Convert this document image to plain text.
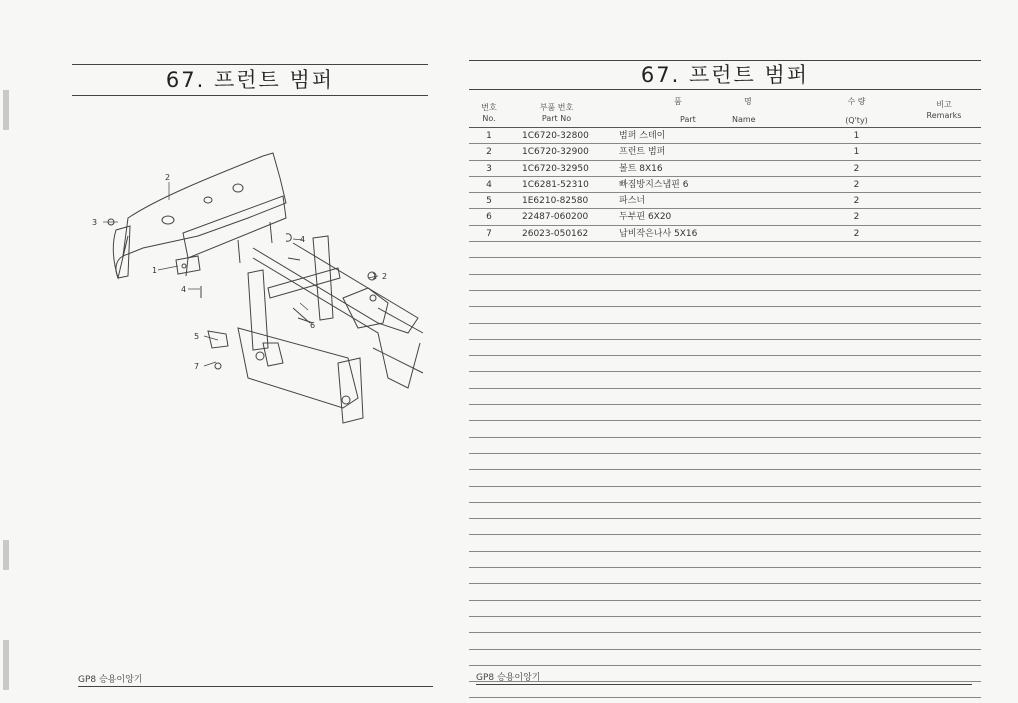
67. 프런트 범퍼
2
3
1
4
4
5
7
6
1 2
GP8 승용이앙기
67. 프런트 범퍼
번호
No.
부품 번호
Part No
품	명
Part	Name
수 량
(Q'ty)
비고
Remarks
1	1C6720-32800	범퍼 스테이	1
2	1C6720-32900	프런트 범퍼	1
3	1C6720-32950	볼트 8X16	2
4	1C6281-52310	빠짐방지스냅핀 6	2
5	1E6210-82580	파스너	2
6	22487-060200	두부핀 6X20	2
7	26023-050162	납비작은나사 5X16	2
GP8 승용이앙기
